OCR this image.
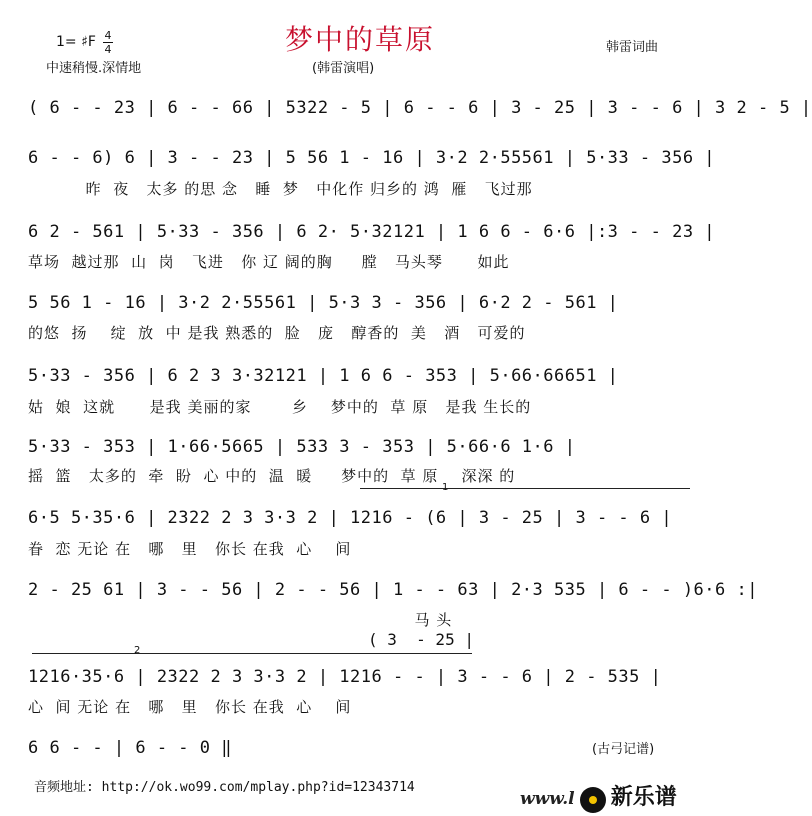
1= ♯F 4
4
中速稍慢.深情地
梦中的草原
(韩雷演唱)
韩雷词曲
( 6 - - 23 | 6 - - 66 | 5322 - 5 | 6 - - 6 | 3 - 25 | 3 - - 6 | 3 2 - 5 |
6 - - 6) 6 | 3 - - 23 | 5 56 1 - 16 | 3·2 2·55561 | 5·33 - 356 |
昨  夜   太多 的思 念   睡  梦   中化作 归乡的 鸿  雁   飞过那
6 2 - 561 | 5·33 - 356 | 6 2· 5·32121 | 1 6 6 - 6·6 |:3 - - 23 |
草场  越过那  山  岗   飞进   你 辽 阔的胸     膛   马头琴      如此
5 56 1 - 16 | 3·2 2·55561 | 5·3 3 - 356 | 6·2 2 - 561 |
的悠  扬    绽  放  中 是我 熟悉的  脸   庞   醇香的  美   酒   可爱的
5·33 - 356 | 6 2 3 3·32121 | 1 6 6 - 353 | 5·66·66651 |
姑  娘  这就      是我 美丽的家       乡    梦中的  草 原   是我 生长的
5·33 - 353 | 1·66·5665 | 533 3 - 353 | 5·66·6 1·6 |
摇  篮   太多的  牵  盼  心 中的  温  暖     梦中的  草 原    深深 的
1
6·5 5·35·6 | 2322 2 3 3·3 2 | 1216 - (6 | 3 - 25 | 3 - - 6 |
眷  恋 无论 在   哪   里   你长 在我  心    间
2 - 25 61 | 3 - - 56 | 2 - - 56 | 1 - - 63 | 2·3 535 | 6 - - )6·6 :|
马 头
( 3  - 25 |
2
1216·35·6 | 2322 2 3 3·3 2 | 1216 - - | 3 - - 6 | 2 - 535 |
心  间 无论 在   哪   里   你长 在我  心    间
6 6 - - | 6 - - 0 ‖	(古弓记谱)
音频地址: http://ok.wo99.com/mplay.php?id=12343714
www.l 新乐谱
